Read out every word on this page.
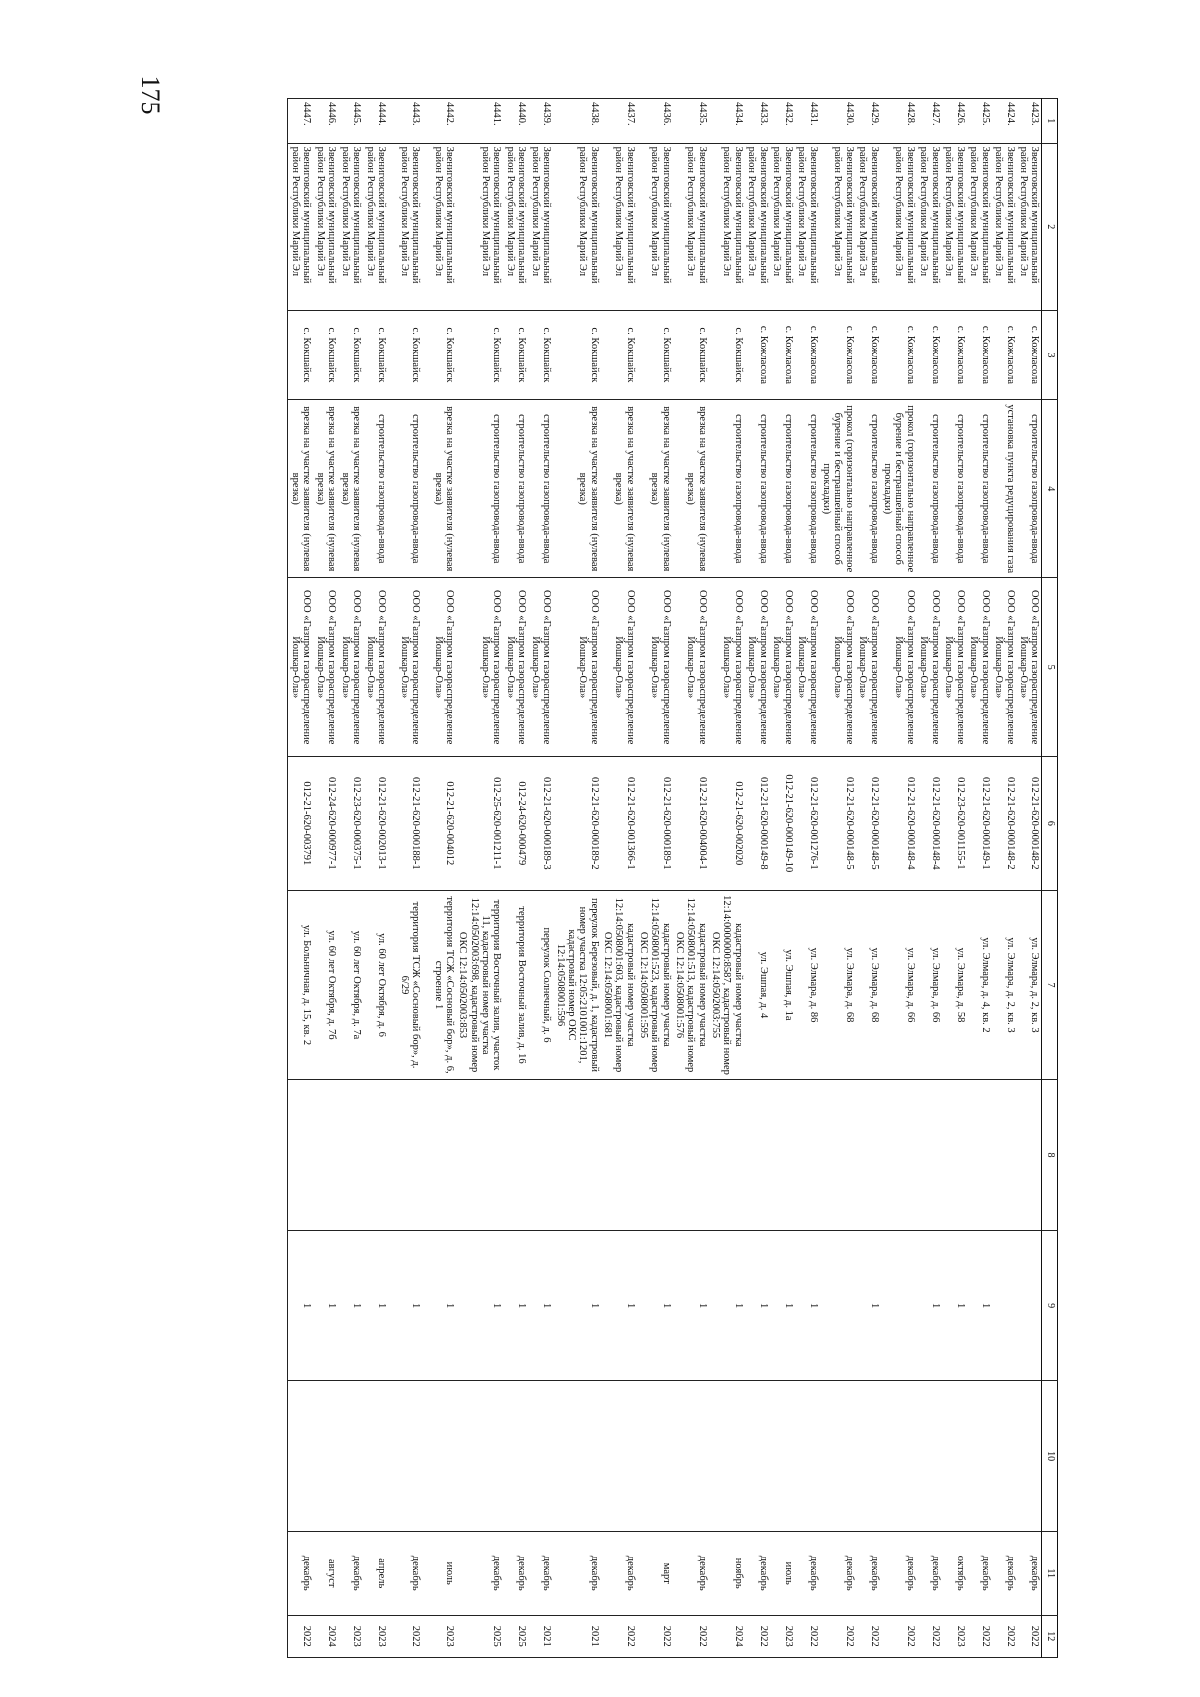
175
1	2	3	4	5	6	7	8	9	10	11	12
4423.	Звениговский муниципальный район Республики Марий Эл	с. Кожласола	строительство газопровода-ввода	ООО «Газпром газораспределение Йошкар-Ола»	012-21-620-000148-2	ул. Элмара, д. 2, кв. 3				декабрь	2022
4424.	Звениговский муниципальный район Республики Марий Эл	с. Кожласола	установка пункта редуцирования газа	ООО «Газпром газораспределение Йошкар-Ола»	012-21-620-000148-2	ул. Элмара, д. 2, кв. 3				декабрь	2022
4425.	Звениговский муниципальный район Республики Марий Эл	с. Кожласола	строительство газопровода-ввода	ООО «Газпром газораспределение Йошкар-Ола»	012-21-620-000149-1	ул. Элмара, д. 4, кв. 2		1		декабрь	2022
4426.	Звениговский муниципальный район Республики Марий Эл	с. Кожласола	строительство газопровода-ввода	ООО «Газпром газораспределение Йошкар-Ола»	012-23-620-001155-1	ул. Элмара, д. 58		1		октябрь	2023
4427.	Звениговский муниципальный район Республики Марий Эл	с. Кожласола	строительство газопровода-ввода	ООО «Газпром газораспределение Йошкар-Ола»	012-21-620-000148-4	ул. Элмара, д. 66		1		декабрь	2022
4428.	Звениговский муниципальный район Республики Марий Эл	с. Кожласола	прокол (горизонтально направленное бурение и бестраншейный способ прокладки)	ООО «Газпром газораспределение Йошкар-Ола»	012-21-620-000148-4	ул. Элмара, д. 66				декабрь	2022
4429.	Звениговский муниципальный район Республики Марий Эл	с. Кожласола	строительство газопровода-ввода	ООО «Газпром газораспределение Йошкар-Ола»	012-21-620-000148-5	ул. Элмара, д. 68		1		декабрь	2022
4430.	Звениговский муниципальный район Республики Марий Эл	с. Кожласола	прокол (горизонтально направленное бурение и бестраншейный способ прокладки)	ООО «Газпром газораспределение Йошкар-Ола»	012-21-620-000148-5	ул. Элмара, д. 68				декабрь	2022
4431.	Звениговский муниципальный район Республики Марий Эл	с. Кожласола	строительство газопровода-ввода	ООО «Газпром газораспределение Йошкар-Ола»	012-21-620-001276-1	ул. Элмара, д. 86		1		декабрь	2022
4432.	Звениговский муниципальный район Республики Марий Эл	с. Кожласола	строительство газопровода-ввода	ООО «Газпром газораспределение Йошкар-Ола»	012-21-620-000149-10	ул. Эшпая, д. 1а		1		июль	2023
4433.	Звениговский муниципальный район Республики Марий Эл	с. Кожласола	строительство газопровода-ввода	ООО «Газпром газораспределение Йошкар-Ола»	012-21-620-000149-8	ул. Эшпая, д. 4		1		декабрь	2022
4434.	Звениговский муниципальный район Республики Марий Эл	с. Кокшайск	строительство газопровода-ввода	ООО «Газпром газораспределение Йошкар-Ола»	012-21-620-002020	кадастровый номер участка 12:14:0000000:8587, кадастровый номер ОКС 12:14:0502003:755		1		ноябрь	2024
4435.	Звениговский муниципальный район Республики Марий Эл	с. Кокшайск	врезка на участке заявителя (нулевая врезка)	ООО «Газпром газораспределение Йошкар-Ола»	012-21-620-004004-1	кадастровый номер участка 12:14:0508001:513, кадастровый номер ОКС 12:14:0508001:576		1		декабрь	2022
4436.	Звениговский муниципальный район Республики Марий Эл	с. Кокшайск	врезка на участке заявителя (нулевая врезка)	ООО «Газпром газораспределение Йошкар-Ола»	012-21-620-000189-1	кадастровый номер участка 12:14:0508001:523, кадастровый номер ОКС 12:14:0508001:595		1		март	2022
4437.	Звениговский муниципальный район Республики Марий Эл	с. Кокшайск	врезка на участке заявителя (нулевая врезка)	ООО «Газпром газораспределение Йошкар-Ола»	012-21-620-001366-1	кадастровый номер участка 12:14:0508001:603, кадастровый номер ОКС 12:14:0508001:681		1		декабрь	2022
4438.	Звениговский муниципальный район Республики Марий Эл	с. Кокшайск	врезка на участке заявителя (нулевая врезка)	ООО «Газпром газораспределение Йошкар-Ола»	012-21-620-000189-2	переулок Березовый, д. 1, кадастровый номер участка 12:05:2101001:1201, кадастровый номер ОКС 12:14:0508001:596		1		декабрь	2021
4439.	Звениговский муниципальный район Республики Марий Эл	с. Кокшайск	строительство газопровода-ввода	ООО «Газпром газораспределение Йошкар-Ола»	012-21-620-000189-3	переулок Солнечный, д. 6		1		декабрь	2021
4440.	Звениговский муниципальный район Республики Марий Эл	с. Кокшайск	строительство газопровода-ввода	ООО «Газпром газораспределение Йошкар-Ола»	012-24-620-000479	территория Восточный залив, д. 16		1		декабрь	2025
4441.	Звениговский муниципальный район Республики Марий Эл	с. Кокшайск	строительство газопровода-ввода	ООО «Газпром газораспределение Йошкар-Ола»	012-25-620-001211-1	территория Восточный залив, участок 11, кадастровый номер участка 12:14:0502003:698, кадастровый номер ОКС 12:14:0502003:853		1		декабрь	2025
4442.	Звениговский муниципальный район Республики Марий Эл	с. Кокшайск	врезка на участке заявителя (нулевая врезка)	ООО «Газпром газораспределение Йошкар-Ола»	012-21-620-004012	территория ТСЖ «Сосновый бор», д. 6, строение 1		1		июль	2023
4443.	Звениговский муниципальный район Республики Марий Эл	с. Кокшайск	строительство газопровода-ввода	ООО «Газпром газораспределение Йошкар-Ола»	012-21-620-000188-1	территория ТСЖ «Сосновый бор», д. 6/29		1		декабрь	2022
4444.	Звениговский муниципальный район Республики Марий Эл	с. Кокшайск	строительство газопровода-ввода	ООО «Газпром газораспределение Йошкар-Ола»	012-21-620-002013-1	ул. 60 лет Октября, д. 6		1		апрель	2023
4445.	Звениговский муниципальный район Республики Марий Эл	с. Кокшайск	врезка на участке заявителя (нулевая врезка)	ООО «Газпром газораспределение Йошкар-Ола»	012-23-620-000375-1	ул. 60 лет Октября, д. 7а		1		декабрь	2023
4446.	Звениговский муниципальный район Республики Марий Эл	с. Кокшайск	врезка на участке заявителя (нулевая врезка)	ООО «Газпром газораспределение Йошкар-Ола»	012-24-620-000977-1	ул. 60 лет Октября, д. 7б		1		август	2024
4447.	Звениговский муниципальный район Республики Марий Эл	с. Кокшайск	врезка на участке заявителя (нулевая врезка)	ООО «Газпром газораспределение Йошкар-Ола»	012-21-620-003791	ул. Больничная, д. 15, кв. 2		1		декабрь	2022
